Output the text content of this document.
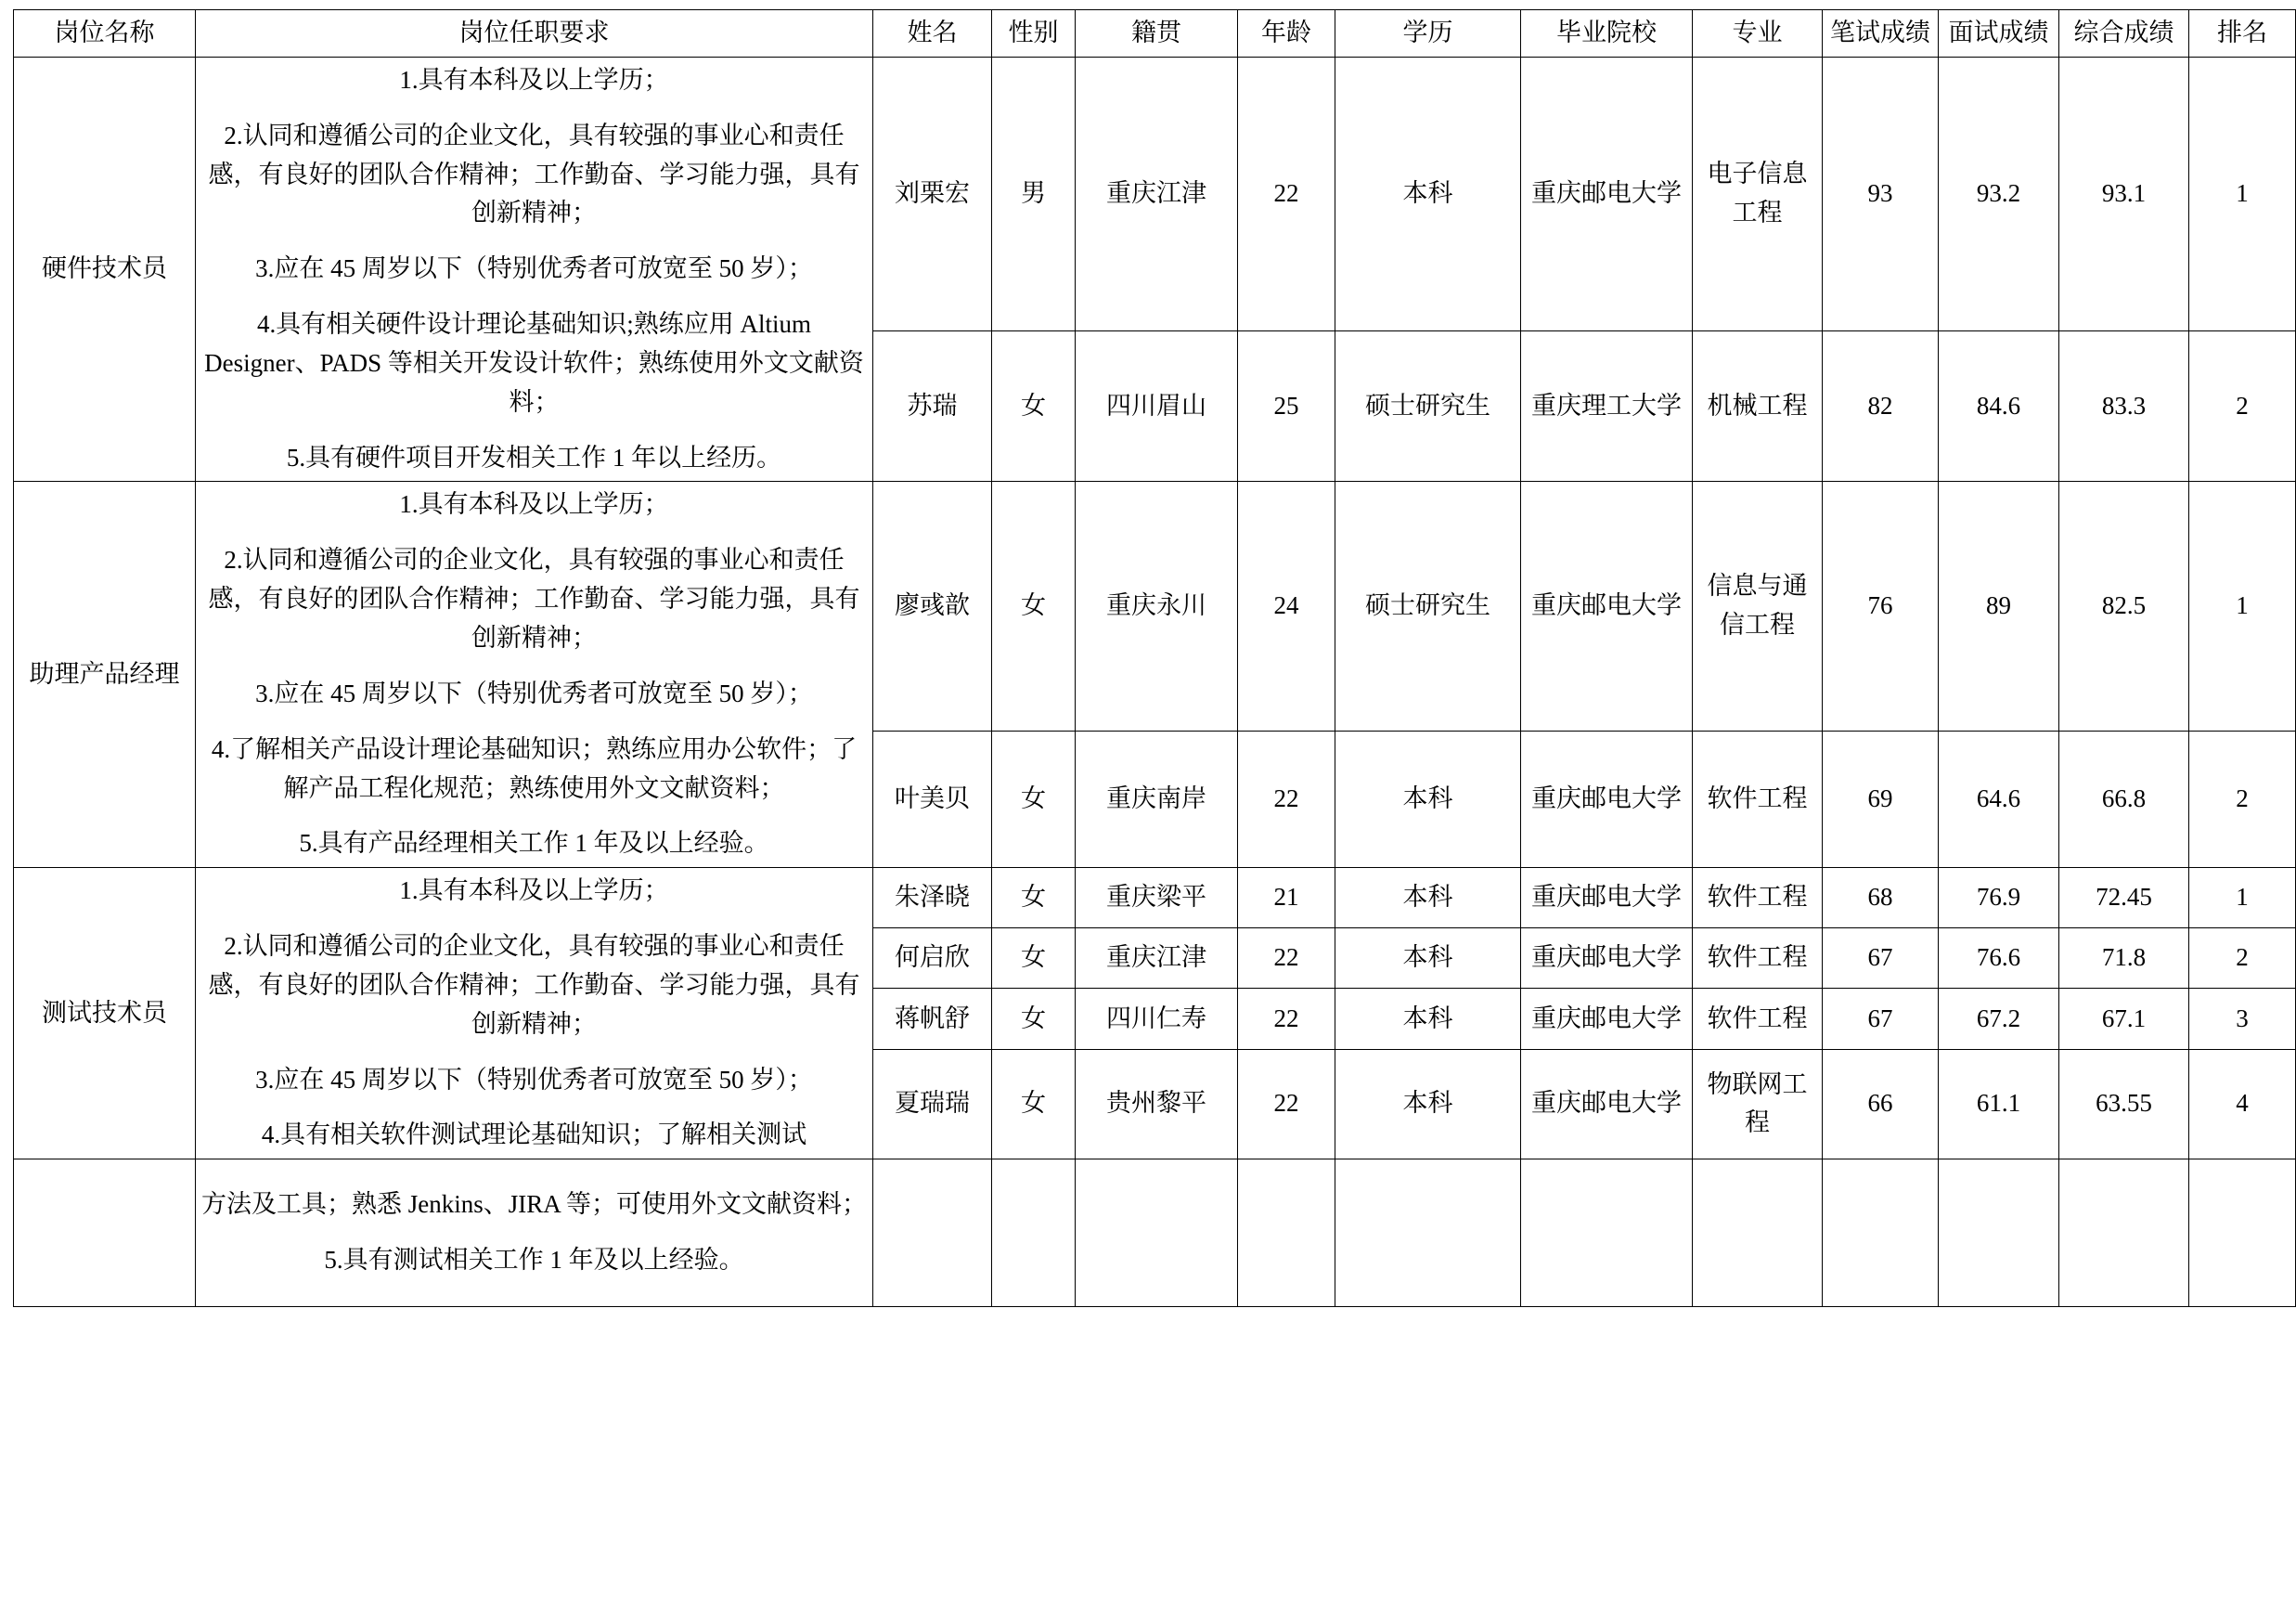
岗位名称	岗位任职要求	姓名	性别	籍贯	年龄	学历	毕业院校	专业	笔试成绩	面试成绩	综合成绩	排名
硬件技术员	1.具有本科及以上学历；

2.认同和遵循公司的企业文化，具有较强的事业心和责任感，有良好的团队合作精神；工作勤奋、学习能力强，具有创新精神；

3.应在 45 周岁以下（特别优秀者可放宽至 50 岁）；

4.具有相关硬件设计理论基础知识;熟练应用 Altium Designer、PADS 等相关开发设计软件；熟练使用外文文献资料；

5.具有硬件项目开发相关工作 1 年以上经历。	刘栗宏	男	重庆江津	22	本科	重庆邮电大学	电子信息工程	93	93.2	93.1	1
		苏瑞	女	四川眉山	25	硕士研究生	重庆理工大学	机械工程	82	84.6	83.3	2
助理产品经理	1.具有本科及以上学历；

2.认同和遵循公司的企业文化，具有较强的事业心和责任感，有良好的团队合作精神；工作勤奋、学习能力强，具有创新精神；

3.应在 45 周岁以下（特别优秀者可放宽至 50 岁）；

4.了解相关产品设计理论基础知识；熟练应用办公软件；了解产品工程化规范；熟练使用外文文献资料；

5.具有产品经理相关工作 1 年及以上经验。	廖彧歆	女	重庆永川	24	硕士研究生	重庆邮电大学	信息与通信工程	76	89	82.5	1
		叶美贝	女	重庆南岸	22	本科	重庆邮电大学	软件工程	69	64.6	66.8	2
测试技术员	1.具有本科及以上学历；

2.认同和遵循公司的企业文化，具有较强的事业心和责任感，有良好的团队合作精神；工作勤奋、学习能力强，具有创新精神；

3.应在 45 周岁以下（特别优秀者可放宽至 50 岁）；

4.具有相关软件测试理论基础知识；了解相关测试	朱泽晓	女	重庆梁平	21	本科	重庆邮电大学	软件工程	68	76.9	72.45	1
		何启欣	女	重庆江津	22	本科	重庆邮电大学	软件工程	67	76.6	71.8	2
		蒋帆舒	女	四川仁寿	22	本科	重庆邮电大学	软件工程	67	67.2	67.1	3
		夏瑞瑞	女	贵州黎平	22	本科	重庆邮电大学	物联网工程	66	61.1	63.55	4

	方法及工具；熟悉 Jenkins、JIRA 等；可使用外文文献资料；

5.具有测试相关工作 1 年及以上经验。											
